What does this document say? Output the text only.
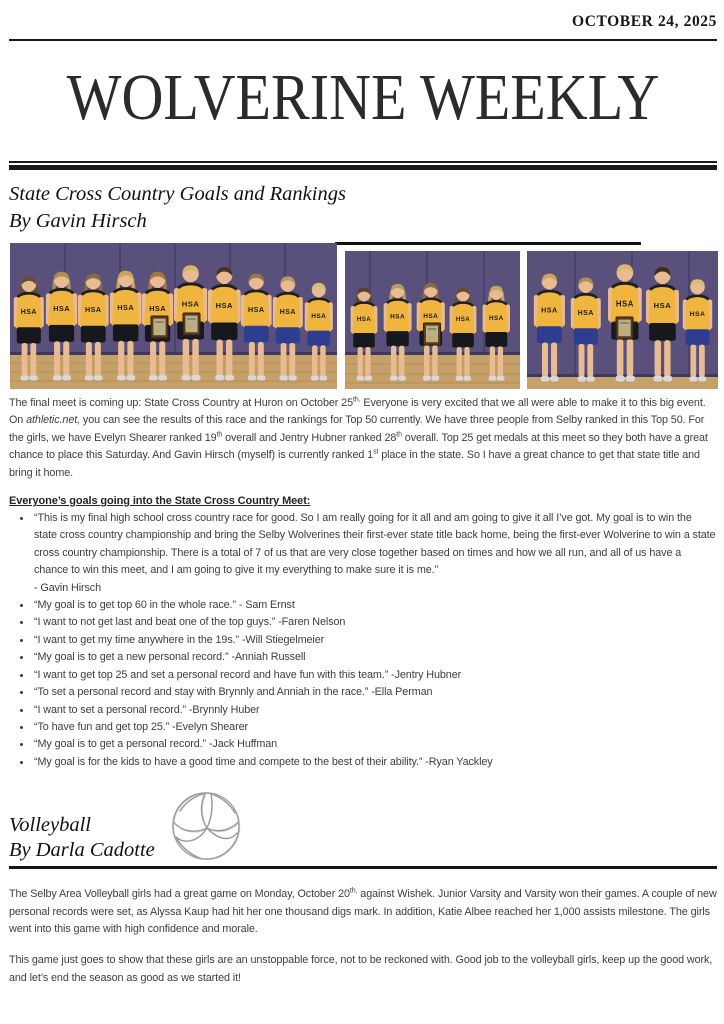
OCTOBER 24, 2025
WOLVERINE WEEKLY
State Cross Country Goals and Rankings
By Gavin Hirsch

The final meet is coming up: State Cross Country at Huron on October $25^{th.}$ Everyone is very excited that we all were able to make it to this big event. On athletic.net, you can see the results of this race and the rankings for Top 50 currently. We have three people from Selby ranked in this Top 50. For the girls, we have Evelyn Shearer ranked 19th overall and Jentry Hubner ranked 28th overall. Top 25 get medals at this meet so they both have a great chance to place this Saturday. And Gavin Hirsch (myself) is currently ranked 1st place in the state. So I have a great chance to get that state title and bring it home.

Everyone’s goals going into the State Cross Country Meet:
• “This is my final high school cross country race for good. So I am really going for it all and am going to give it all I’ve got. My goal is to win the state cross country championship and bring the Selby Wolverines their first-ever state title back home, being the first-ever Wolverine to win a state cross country championship. There is a total of 7 of us that are very close together based on times and how we all run, and all of us have a chance to win this meet, and I am going to give it my everything to make sure it is me.”
- Gavin Hirsch
• “My goal is to get top 60 in the whole race.” - Sam Ernst
• “I want to not get last and beat one of the top guys.” -Faren Nelson
• “I want to get my time anywhere in the 19s.” -Will Stiegelmeier
• “My goal is to get a new personal record.” -Anniah Russell
• “I want to get top 25 and set a personal record and have fun with this team.” -Jentry Hubner
• “To set a personal record and stay with Brynnly and Anniah in the race.” -Ella Perman
• “I want to set a personal record.” -Brynnly Huber
• “To have fun and get top 25.” -Evelyn Shearer
• “My goal is to get a personal record.” -Jack Huffman
• “My goal is for the kids to have a good time and compete to the best of their ability.” -Ryan Yackley
Volleyball
By Darla Cadotte

The Selby Area Volleyball girls had a great game on Monday, October $20^{th,}$ against Wishek. Junior Varsity and Varsity won their games. A couple of new personal records were set, as Alyssa Kaup had hit her one thousand digs mark. In addition, Katie Albee reached her 1,000 assists milestone. The girls went into this game with high confidence and morale.

This game just goes to show that these girls are an unstoppable force, not to be reckoned with. Good job to the volleyball girls, keep up the good work, and let’s end the season as good as we started it!
